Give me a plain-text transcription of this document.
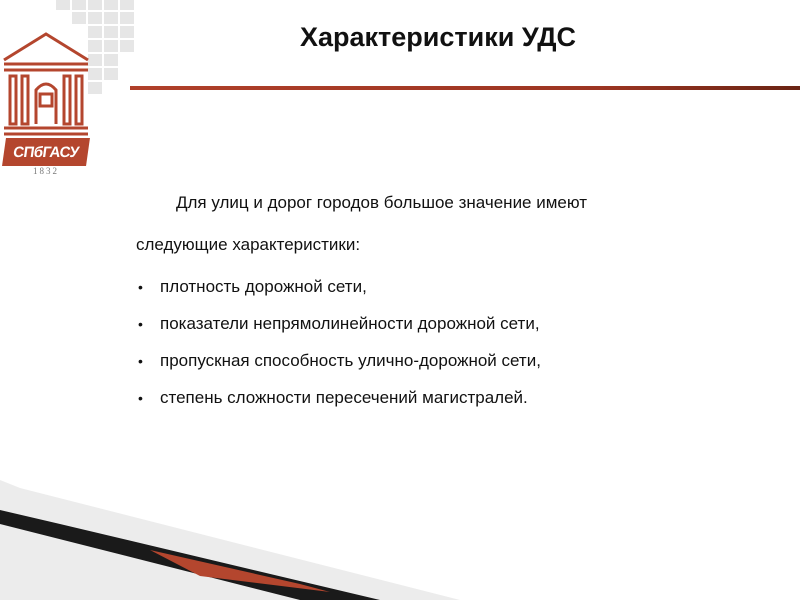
СПбГАСУ
1832
Характеристики УДС

Для улиц и дорог городов большое значение имеют

следующие характеристики:

• плотность дорожной сети,
• показатели непрямолинейности дорожной сети,
• пропускная способность улично-дорожной сети,
• степень сложности пересечений магистралей.
